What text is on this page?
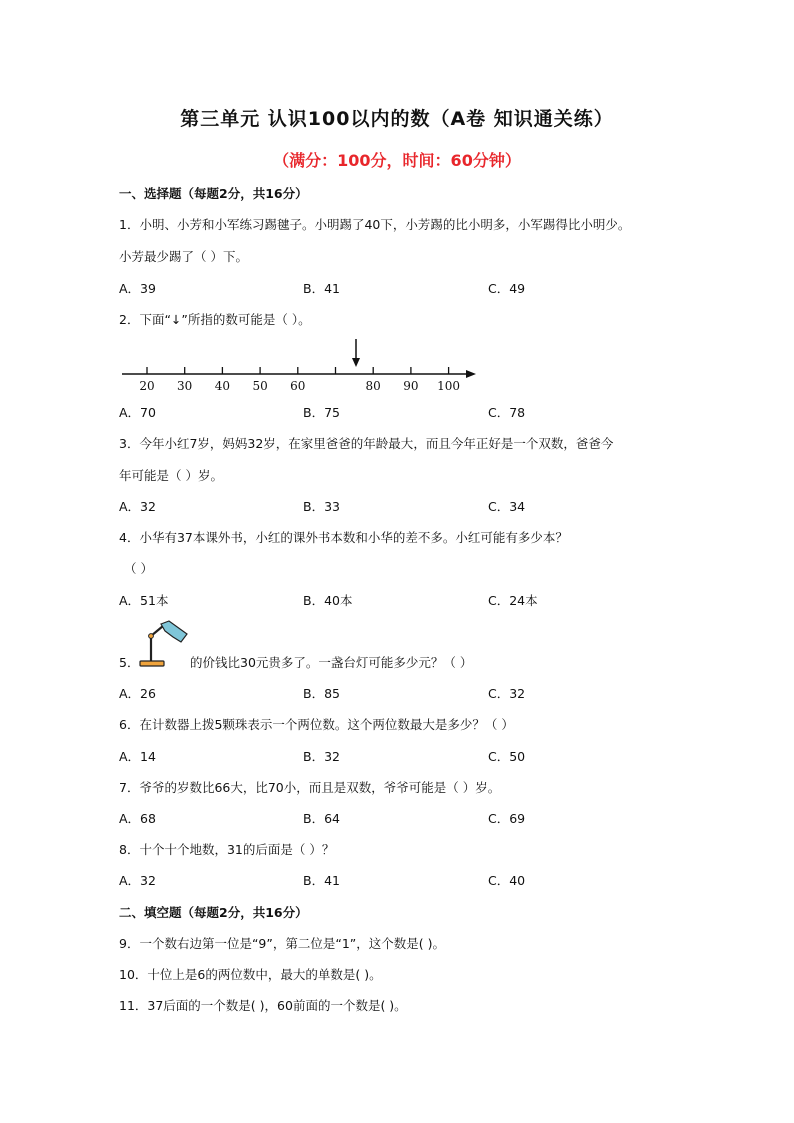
第三单元 认识100以内的数（A卷 知识通关练）
（满分：100分，时间：60分钟）
一、选择题（每题2分，共16分）
1．小明、小芳和小军练习踢毽子。小明踢了40下，小芳踢的比小明多，小军踢得比小明少。
小芳最少踢了（ ）下。
A．39	B．41	C．49
2．下面“↓”所指的数可能是（ ）。
20 30 40 50 60	80 90 100
A．70	B．75	C．78
3．今年小红7岁，妈妈32岁，在家里爸爸的年龄最大，而且今年正好是一个双数，爸爸今
年可能是（ ）岁。
A．32	B．33	C．34
4．小华有37本课外书，小红的课外书本数和小华的差不多。小红可能有多少本？
（ ）
A．51本	B．40本	C．24本
5．	的价钱比30元贵多了。一盏台灯可能多少元？（ ）
A．26	B．85	C．32
6．在计数器上拨5颗珠表示一个两位数。这个两位数最大是多少？（ ）
A．14	B．32	C．50
7．爷爷的岁数比66大，比70小，而且是双数，爷爷可能是（ ）岁。
A．68	B．64	C．69
8．十个十个地数，31的后面是（ ）？
A．32	B．41	C．40
二、填空题（每题2分，共16分）
9．一个数右边第一位是“9”，第二位是“1”，这个数是( )。
10．十位上是6的两位数中，最大的单数是( )。
11．37后面的一个数是( )，60前面的一个数是( )。
